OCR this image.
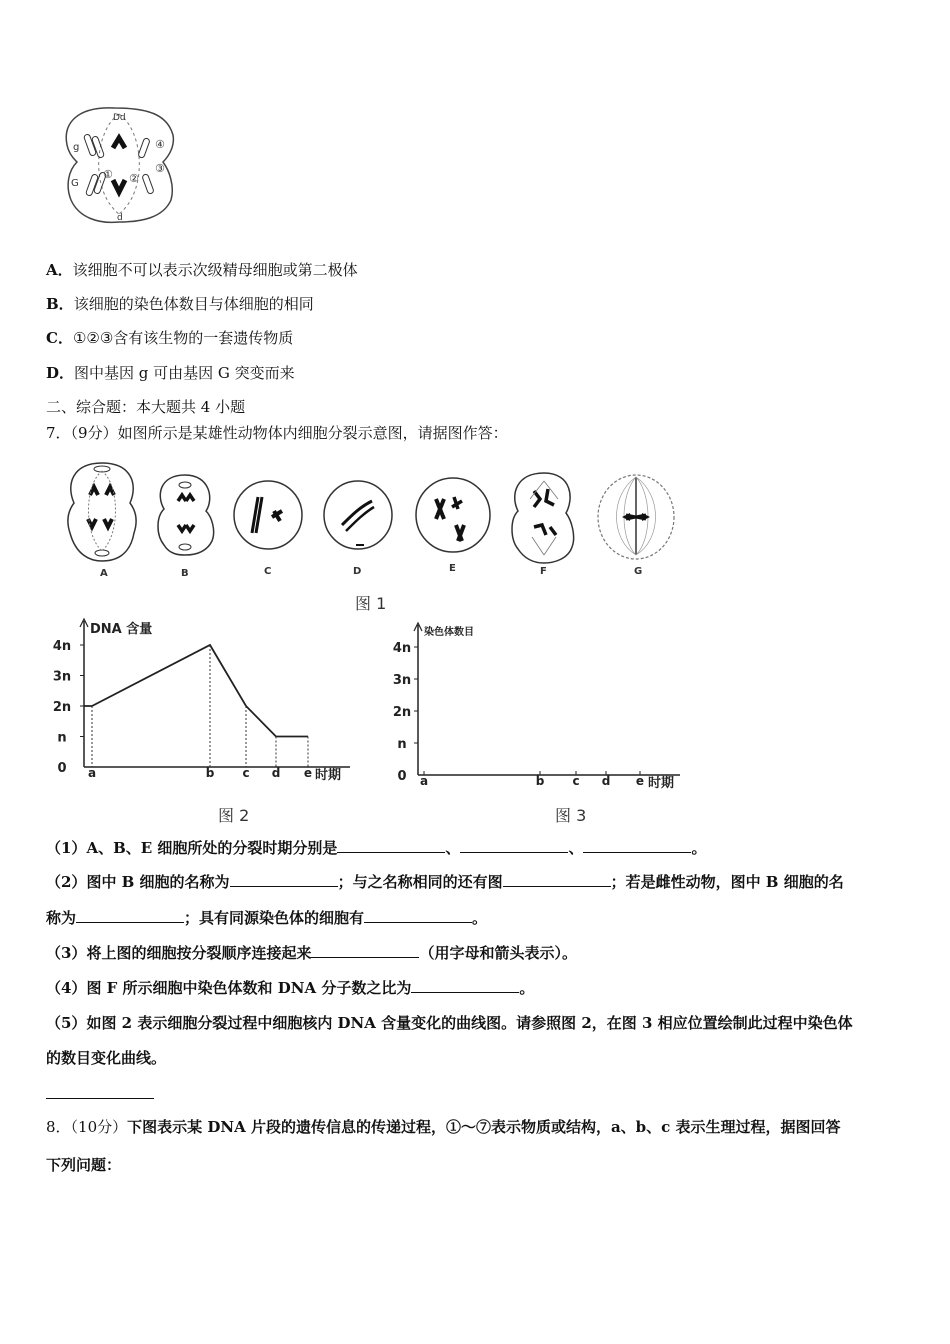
g
G
① ②
③
④
Dd
d
A．该细胞不可以表示次级精母细胞或第二极体
B．该细胞的染色体数目与体细胞的相同
C．①②③含有该生物的一套遗传物质
D．图中基因 g 可由基因 G 突变而来
二、综合题：本大题共 4 小题
7．（9分）如图所示是某雄性动物体内细胞分裂示意图，请据图作答：
A	B	C	D	E	F	G
图 1
DNA 含量
0
n
2n
3n
4n
a	b c d e 时期
染色体数目
0
n
2n
3n
4n
a	b c d e 时期
图 2	图 3
（1）A、B、E 细胞所处的分裂时期分别是	、	、	。
（2）图中 B 细胞的名称为	；与之名称相同的还有图	；若是雌性动物，图中 B 细胞的名
称为	；具有同源染色体的细胞有	。
（3）将上图的细胞按分裂顺序连接起来	（用字母和箭头表示）。
（4）图 F 所示细胞中染色体数和 DNA 分子数之比为	。
（5）如图 2 表示细胞分裂过程中细胞核内 DNA 含量变化的曲线图。请参照图 2，在图 3 相应位置绘制此过程中染色体
的数目变化曲线。
8．（10分）下图表示某 DNA 片段的遗传信息的传递过程，①～⑦表示物质或结构，a、b、c 表示生理过程，据图回答
下列问题：
